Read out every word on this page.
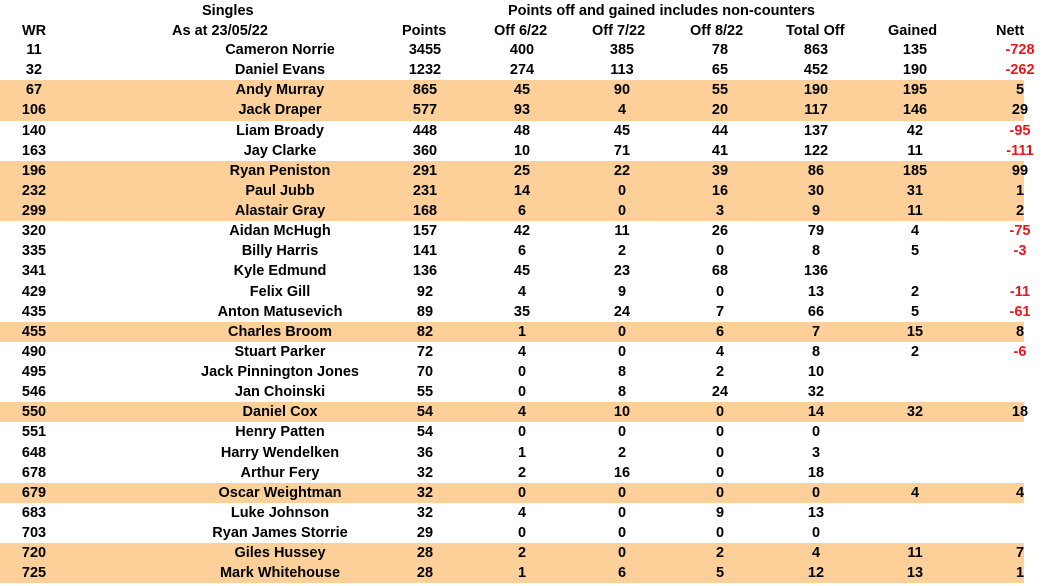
Singles	Points off and gained includes non-counters
WR	As at 23/05/22	Points	Off 6/22	Off 7/22	Off 8/22	Total Off	Gained	Nett
11	Cameron Norrie	3455	400	385	78	863	135	-728
32	Daniel Evans	1232	274	113	65	452	190	-262
67	Andy Murray	865	45	90	55	190	195	5
106	Jack Draper	577	93	4	20	117	146	29
140	Liam Broady	448	48	45	44	137	42	-95
163	Jay Clarke	360	10	71	41	122	11	-111
196	Ryan Peniston	291	25	22	39	86	185	99
232	Paul Jubb	231	14	0	16	30	31	1
299	Alastair Gray	168	6	0	3	9	11	2
320	Aidan McHugh	157	42	11	26	79	4	-75
335	Billy Harris	141	6	2	0	8	5	-3
341	Kyle Edmund	136	45	23	68	136
429	Felix Gill	92	4	9	0	13	2	-11
435	Anton Matusevich	89	35	24	7	66	5	-61
455	Charles Broom	82	1	0	6	7	15	8
490	Stuart Parker	72	4	0	4	8	2	-6
495	Jack Pinnington Jones	70	0	8	2	10
546	Jan Choinski	55	0	8	24	32
550	Daniel Cox	54	4	10	0	14	32	18
551	Henry Patten	54	0	0	0	0
648	Harry Wendelken	36	1	2	0	3
678	Arthur Fery	32	2	16	0	18
679	Oscar Weightman	32	0	0	0	0	4	4
683	Luke Johnson	32	4	0	9	13
703	Ryan James Storrie	29	0	0	0	0
720	Giles Hussey	28	2	0	2	4	11	7
725	Mark Whitehouse	28	1	6	5	12	13	1
